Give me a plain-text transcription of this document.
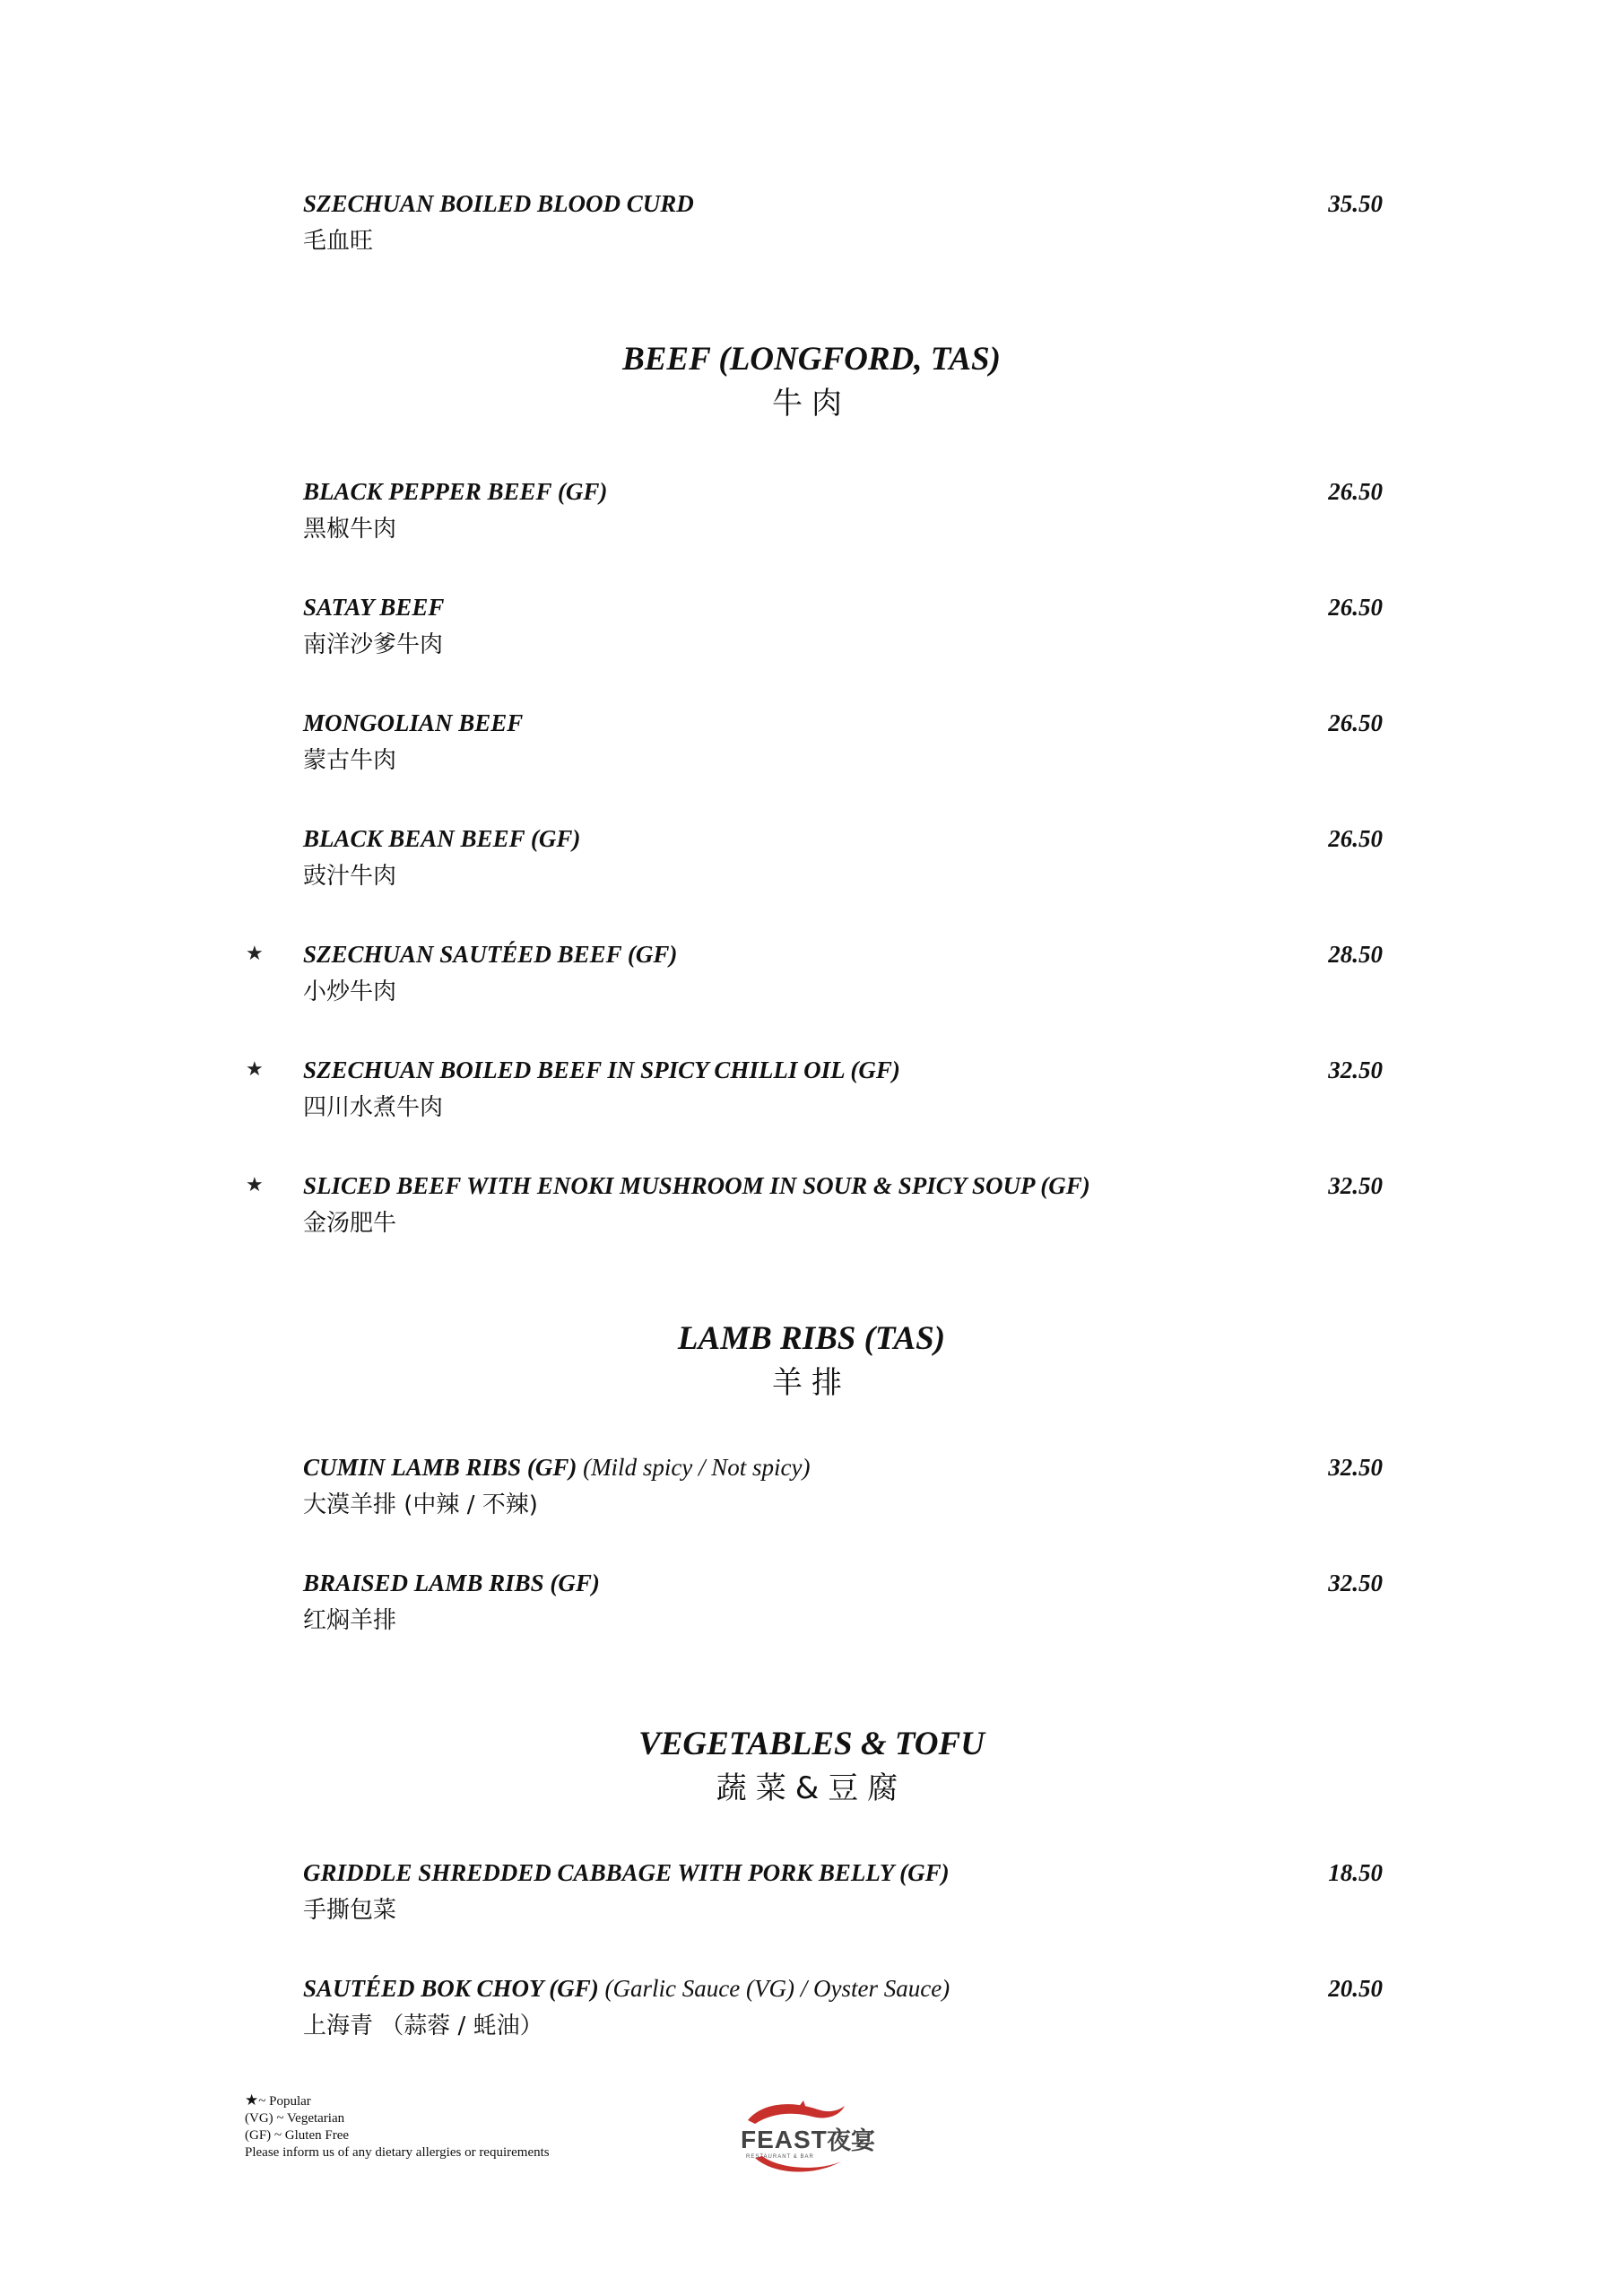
SZECHUAN BOILED BLOOD CURD
毛血旺
35.50
BEEF (LONGFORD, TAS)
牛肉
BLACK PEPPER BEEF (GF)
黑椒牛肉
26.50
SATAY BEEF
南洋沙爹牛肉
26.50
MONGOLIAN BEEF
蒙古牛肉
26.50
BLACK BEAN BEEF (GF)
豉汁牛肉
26.50
★ SZECHUAN SAUTÉED BEEF (GF)
小炒牛肉
28.50
★ SZECHUAN BOILED BEEF IN SPICY CHILLI OIL (GF)
四川水煮牛肉
32.50
★ SLICED BEEF WITH ENOKI MUSHROOM IN SOUR & SPICY SOUP (GF)
金汤肥牛
32.50
LAMB RIBS (TAS)
羊排
CUMIN LAMB RIBS (GF) (Mild spicy / Not spicy)
大漠羊排 (中辣 / 不辣)
32.50
BRAISED LAMB RIBS (GF)
红焖羊排
32.50
VEGETABLES & TOFU
蔬菜&豆腐
GRIDDLE SHREDDED CABBAGE WITH PORK BELLY (GF)
手撕包菜
18.50
SAUTÉED BOK CHOY (GF) (Garlic Sauce (VG) / Oyster Sauce)
上海青 （蒜蓉 / 蚝油）
20.50
★~ Popular
(VG) ~ Vegetarian
(GF) ~ Gluten Free
Please inform us of any dietary allergies or requirements	FEAST 夜宴
RESTAURANT & BAR
